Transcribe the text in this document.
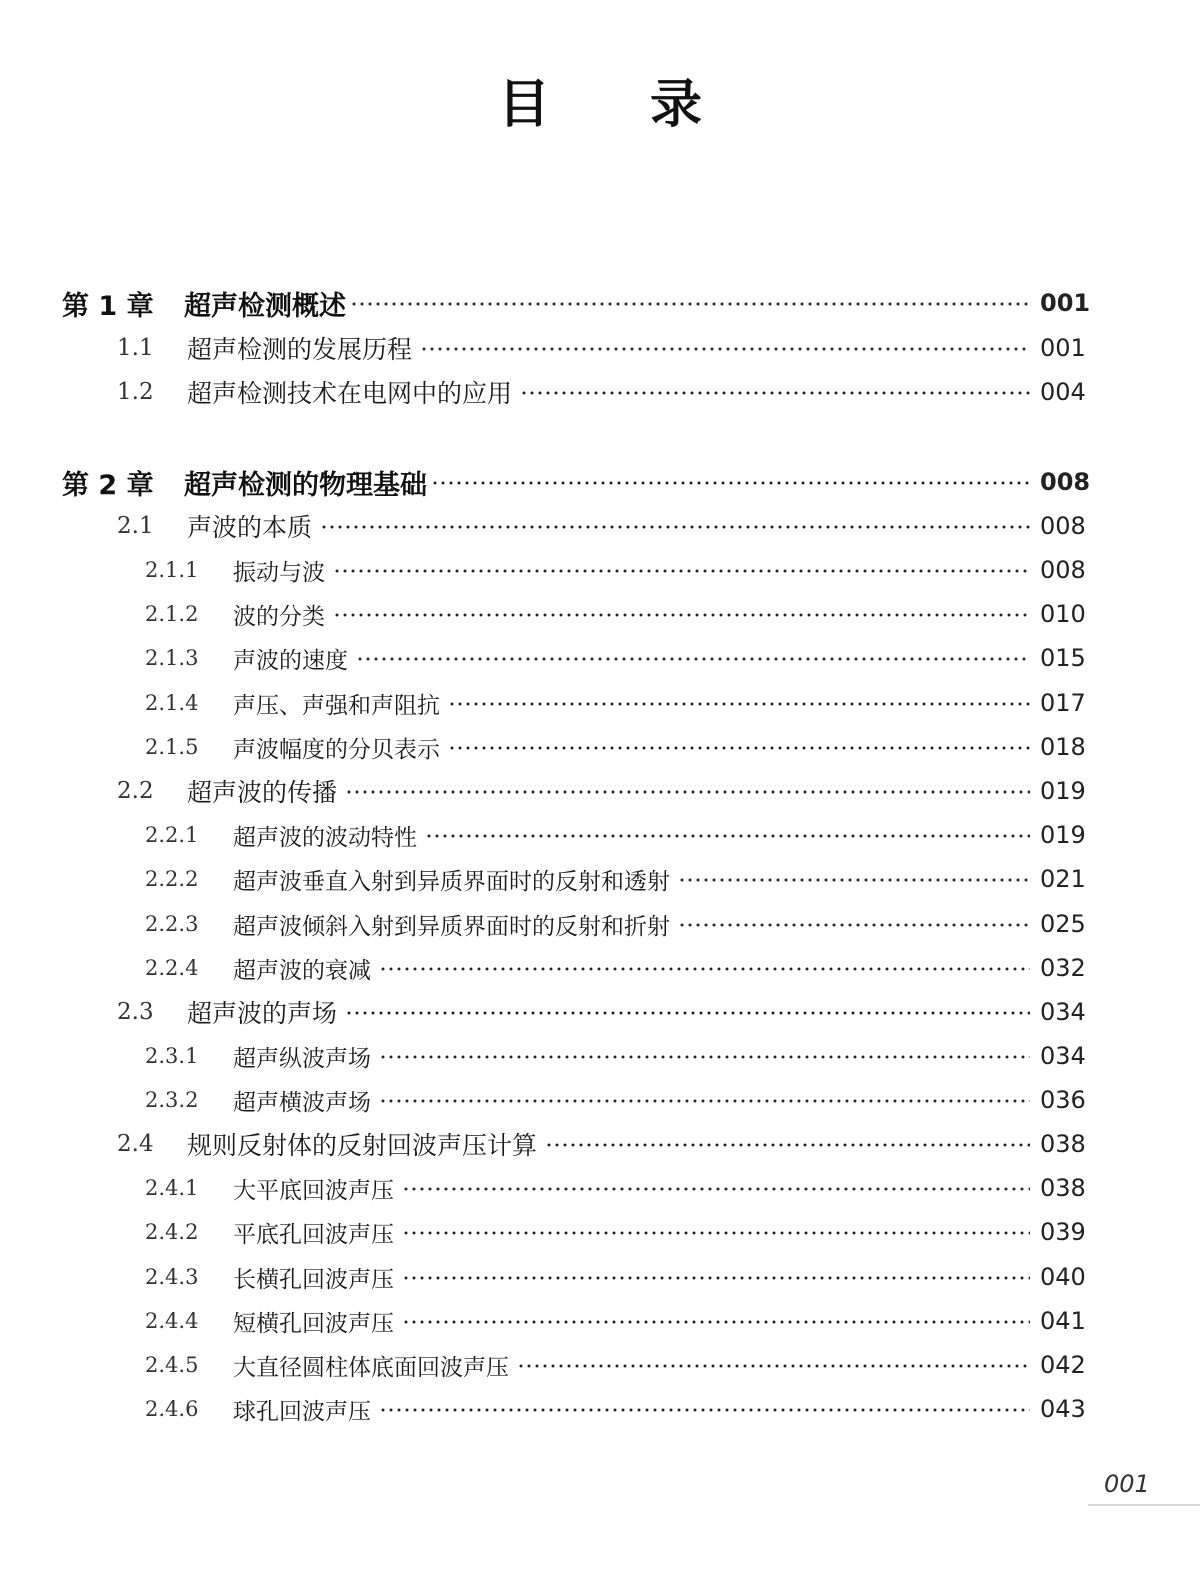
目 录
第 1 章	超声检测概述	001
1.1	超声检测的发展历程	001
1.2	超声检测技术在电网中的应用	004
第 2 章	超声检测的物理基础	008
2.1	声波的本质	008
2.1.1	振动与波	008
2.1.2	波的分类	010
2.1.3	声波的速度	015
2.1.4	声压、声强和声阻抗	017
2.1.5	声波幅度的分贝表示	018
2.2	超声波的传播	019
2.2.1	超声波的波动特性	019
2.2.2	超声波垂直入射到异质界面时的反射和透射	021
2.2.3	超声波倾斜入射到异质界面时的反射和折射	025
2.2.4	超声波的衰减	032
2.3	超声波的声场	034
2.3.1	超声纵波声场	034
2.3.2	超声横波声场	036
2.4	规则反射体的反射回波声压计算	038
2.4.1	大平底回波声压	038
2.4.2	平底孔回波声压	039
2.4.3	长横孔回波声压	040
2.4.4	短横孔回波声压	041
2.4.5	大直径圆柱体底面回波声压	042
2.4.6	球孔回波声压	043
001
